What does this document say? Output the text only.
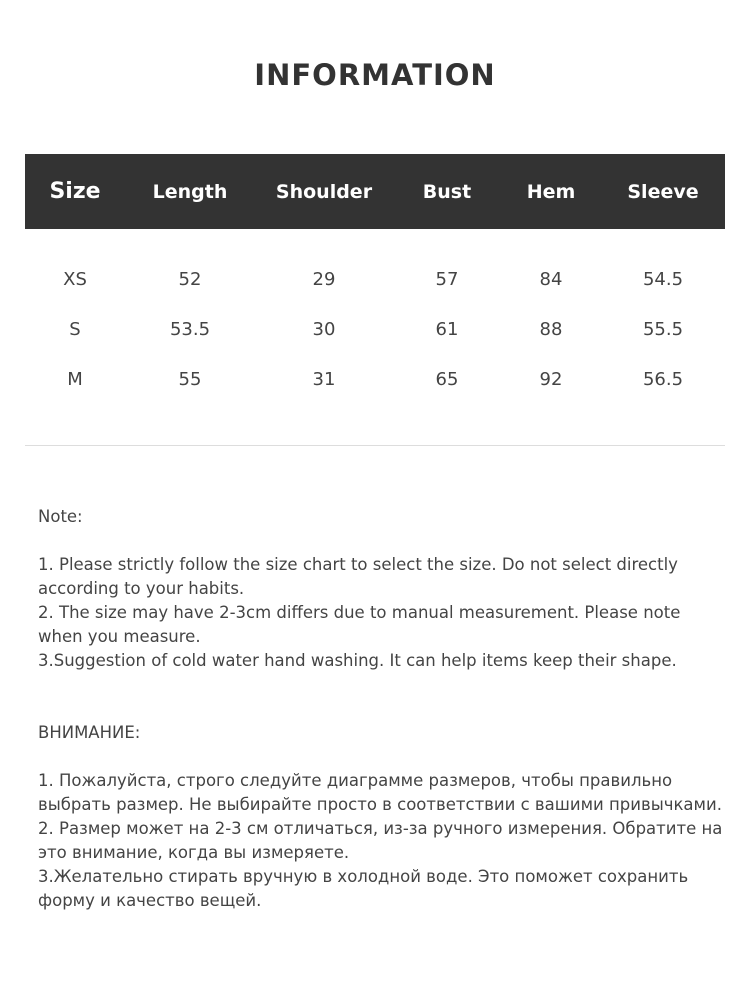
INFORMATION
Size	Length	Shoulder	Bust	Hem	Sleeve

XS	52	29	57	84	54.5
S	53.5	30	61	88	55.5
M	55	31	65	92	56.5

Note:

1. Please strictly follow the size chart to select the size. Do not select directly according to your habits.

2. The size may have 2-3cm differs due to manual measurement. Please note when you measure.

3.Suggestion of cold water hand washing. It can help items keep their shape.

ВНИМАНИЕ:

1. Пожалуйста, строго следуйте диаграмме размеров, чтобы правильно выбрать размер. Не выбирайте просто в соответствии с вашими привычками.

2. Размер может на 2-3 см отличаться, из-за ручного измерения. Обратите на это внимание, когда вы измеряете.

3.Желательно стирать вручную в холодной воде. Это поможет сохранить форму и качество вещей.
